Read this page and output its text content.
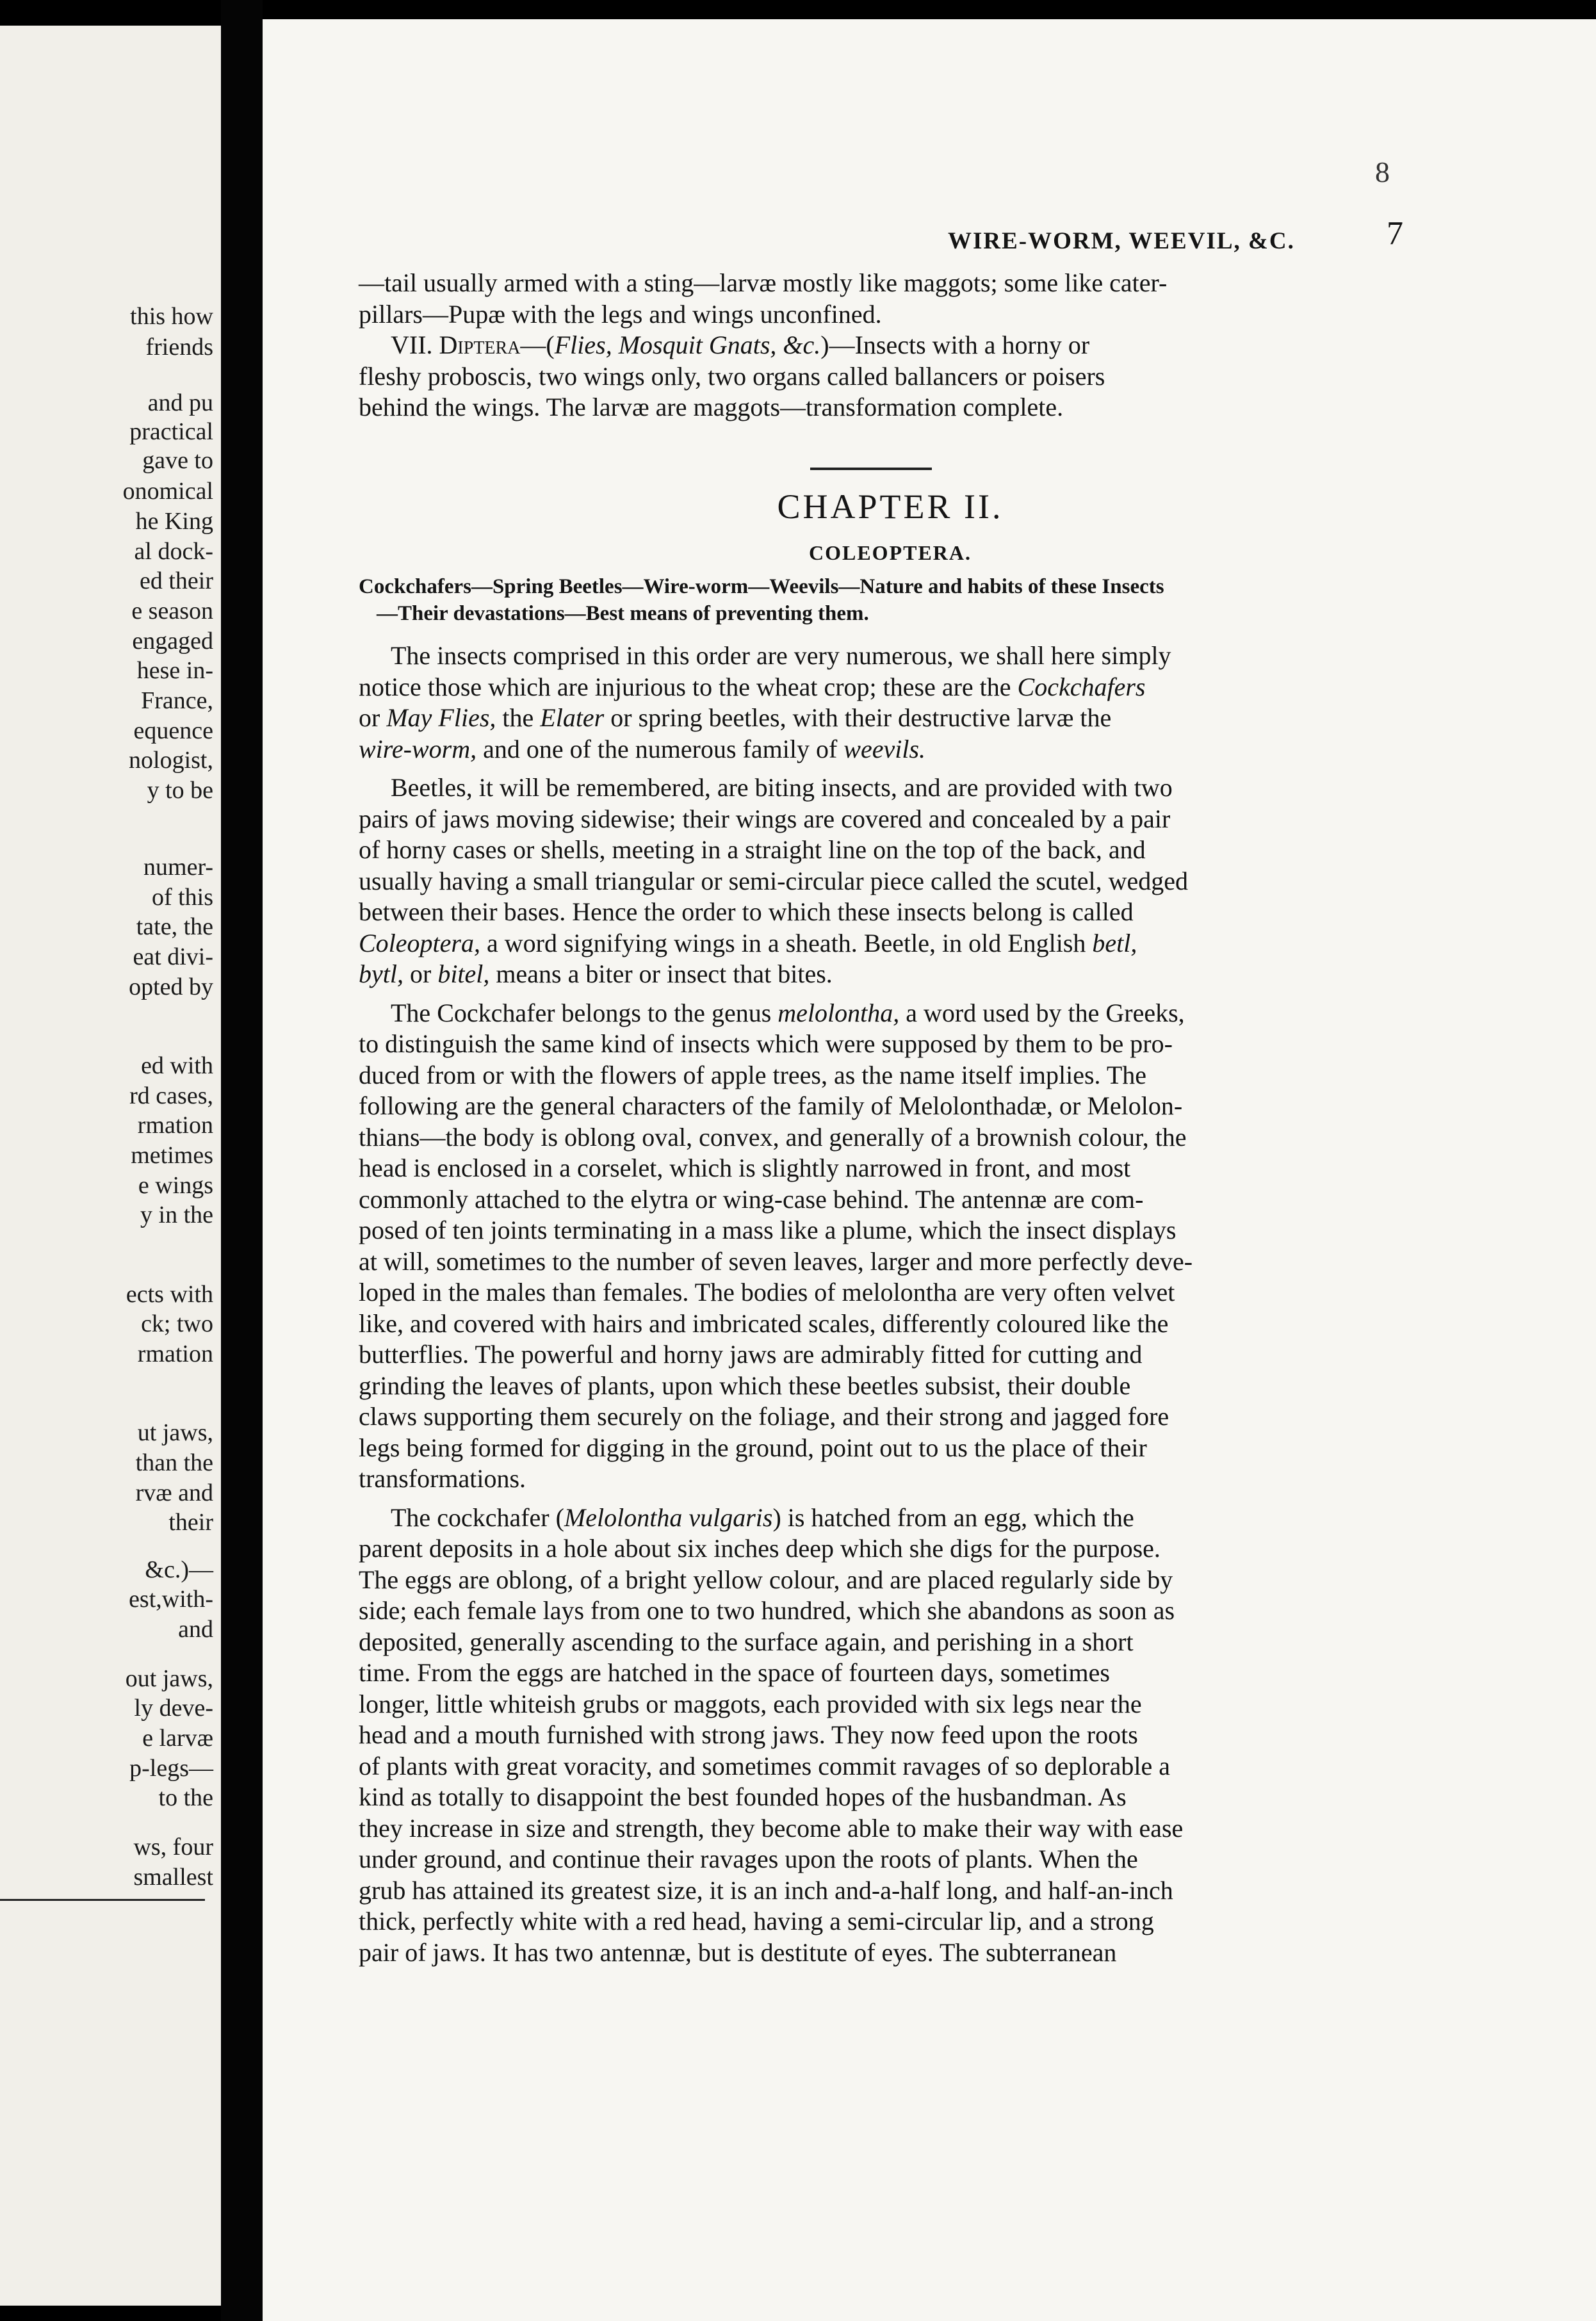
this how
friends
and pu
practical
gave to
onomical
he King
al dock-
ed their
e season
engaged
hese in-
France,
equence
nologist,
y to be
numer-
of this
tate, the
eat divi-
opted by
ed with
rd cases,
rmation
metimes
e wings
y in the
ects with
ck; two
rmation
ut jaws,
than the
rvæ and
their
&c.)—
est,with-
and
out jaws,
ly deve-
e larvæ
p-legs—
to the
ws, four
smallest
8
WIRE-WORM, WEEVIL, &C.	7
—tail usually armed with a sting—larvæ mostly like maggots; some like cater-
pillars—Pupæ with the legs and wings unconfined.
VII. Diptera—(Flies, Mosquit Gnats, &c.)—Insects with a horny or
fleshy proboscis, two wings only, two organs called ballancers or poisers
behind the wings. The larvæ are maggots—transformation complete.
CHAPTER II.
COLEOPTERA.
Cockchafers—Spring Beetles—Wire-worm—Weevils—Nature and habits of these Insects
—Their devastations—Best means of preventing them.

The insects comprised in this order are very numerous, we shall here simply
notice those which are injurious to the wheat crop; these are the Cockchafers
or May Flies, the Elater or spring beetles, with their destructive larvæ the
wire-worm, and one of the numerous family of weevils.

Beetles, it will be remembered, are biting insects, and are provided with two
pairs of jaws moving sidewise; their wings are covered and concealed by a pair
of horny cases or shells, meeting in a straight line on the top of the back, and
usually having a small triangular or semi-circular piece called the scutel, wedged
between their bases. Hence the order to which these insects belong is called
Coleoptera, a word signifying wings in a sheath. Beetle, in old English betl,
bytl, or bitel, means a biter or insect that bites.

The Cockchafer belongs to the genus melolontha, a word used by the Greeks,
to distinguish the same kind of insects which were supposed by them to be pro-
duced from or with the flowers of apple trees, as the name itself implies. The
following are the general characters of the family of Melolonthadæ, or Melolon-
thians—the body is oblong oval, convex, and generally of a brownish colour, the
head is enclosed in a corselet, which is slightly narrowed in front, and most
commonly attached to the elytra or wing-case behind. The antennæ are com-
posed of ten joints terminating in a mass like a plume, which the insect displays
at will, sometimes to the number of seven leaves, larger and more perfectly deve-
loped in the males than females. The bodies of melolontha are very often velvet
like, and covered with hairs and imbricated scales, differently coloured like the
butterflies. The powerful and horny jaws are admirably fitted for cutting and
grinding the leaves of plants, upon which these beetles subsist, their double
claws supporting them securely on the foliage, and their strong and jagged fore
legs being formed for digging in the ground, point out to us the place of their
transformations.

The cockchafer (Melolontha vulgaris) is hatched from an egg, which the
parent deposits in a hole about six inches deep which she digs for the purpose.
The eggs are oblong, of a bright yellow colour, and are placed regularly side by
side; each female lays from one to two hundred, which she abandons as soon as
deposited, generally ascending to the surface again, and perishing in a short
time. From the eggs are hatched in the space of fourteen days, sometimes
longer, little whiteish grubs or maggots, each provided with six legs near the
head and a mouth furnished with strong jaws. They now feed upon the roots
of plants with great voracity, and sometimes commit ravages of so deplorable a
kind as totally to disappoint the best founded hopes of the husbandman. As
they increase in size and strength, they become able to make their way with ease
under ground, and continue their ravages upon the roots of plants. When the
grub has attained its greatest size, it is an inch and-a-half long, and half-an-inch
thick, perfectly white with a red head, having a semi-circular lip, and a strong
pair of jaws. It has two antennæ, but is destitute of eyes. The subterranean
